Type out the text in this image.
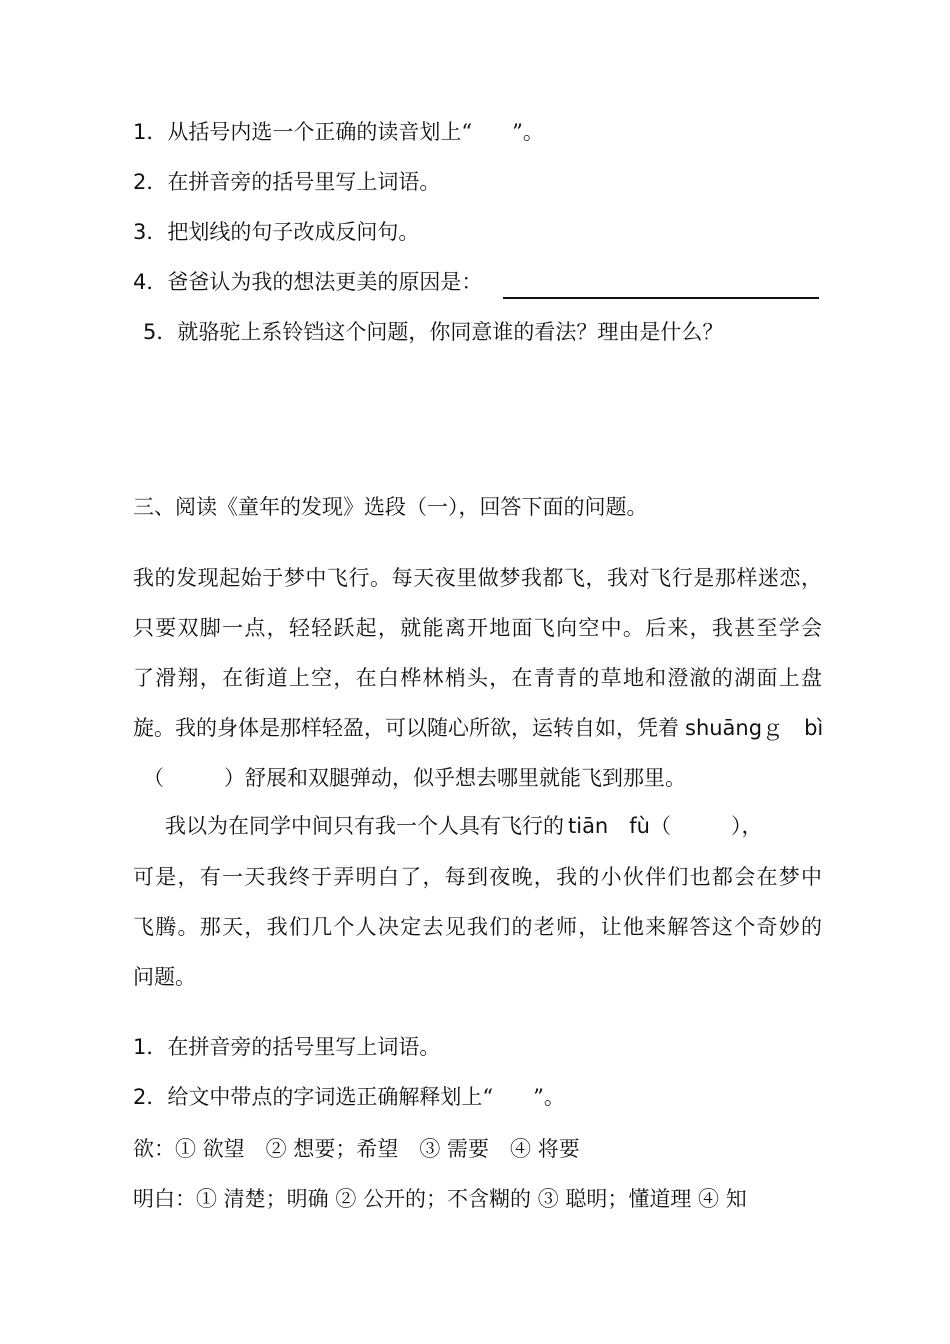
1．从括号内选一个正确的读音划上“ ”。
2．在拼音旁的括号里写上词语。
3．把划线的句子改成反问句。
4．爸爸认为我的想法更美的原因是：
5．就骆驼上系铃铛这个问题，你同意谁的看法？理由是什么？
三、阅读《童年的发现》选段（一），回答下面的问题。
我的发现起始于梦中飞行。每天夜里做梦我都飞，我对飞行是那样迷恋，
只要双脚一点，轻轻跃起，就能离开地面飞向空中。后来，我甚至学会
了滑翔，在街道上空，在白桦林梢头，在青青的草地和澄澈的湖面上盘
旋。我的身体是那样轻盈，可以随心所欲，运转自如，凭着 shuāngｇ　bì
（	）舒展和双腿弹动，似乎想去哪里就能飞到那里。
我以为在同学中间只有我一个人具有飞行的 tiān　fù（	），
可是，有一天我终于弄明白了，每到夜晚，我的小伙伴们也都会在梦中
飞腾。那天，我们几个人决定去见我们的老师，让他来解答这个奇妙的
问题。
1．在拼音旁的括号里写上词语。
2．给文中带点的字词选正确解释划上“ ”。
欲：① 欲望　② 想要；希望　③ 需要　④ 将要
明白：① 清楚；明确 ② 公开的；不含糊的 ③ 聪明；懂道理 ④ 知
